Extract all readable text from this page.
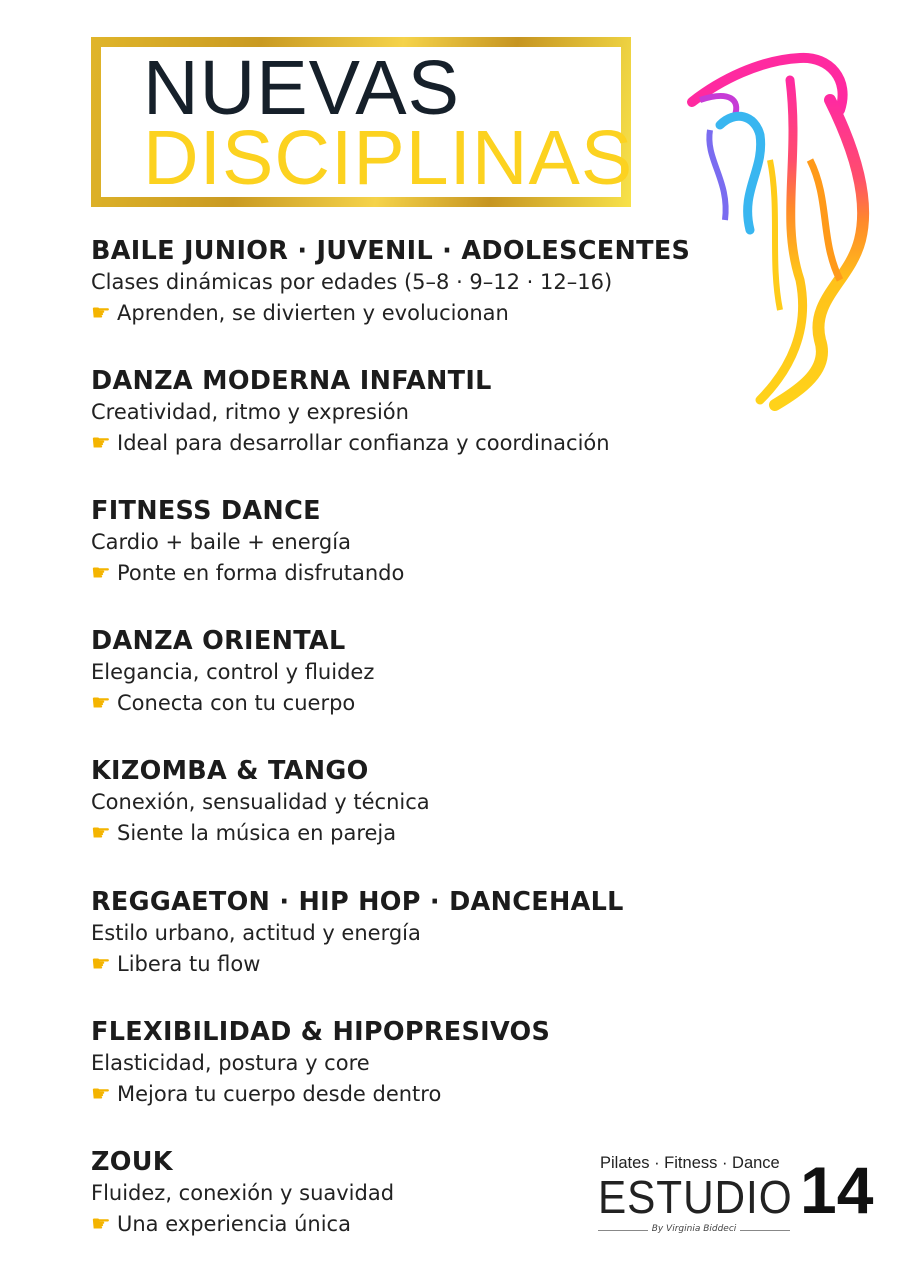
NUEVAS
DISCIPLINAS
BAILE JUNIOR · JUVENIL · ADOLESCENTES
Clases dinámicas por edades (5–8 · 9–12 · 12–16)
☛ Aprenden, se divierten y evolucionan
DANZA MODERNA INFANTIL
Creatividad, ritmo y expresión
☛ Ideal para desarrollar confianza y coordinación
FITNESS DANCE
Cardio + baile + energía
☛ Ponte en forma disfrutando
DANZA ORIENTAL
Elegancia, control y fluidez
☛ Conecta con tu cuerpo
KIZOMBA & TANGO
Conexión, sensualidad y técnica
☛ Siente la música en pareja
REGGAETON · HIP HOP · DANCEHALL
Estilo urbano, actitud y energía
☛ Libera tu flow
FLEXIBILIDAD & HIPOPRESIVOS
Elasticidad, postura y core
☛ Mejora tu cuerpo desde dentro
ZOUK
Fluidez, conexión y suavidad
☛ Una experiencia única
Pilates · Fitness · Dance
ESTUDIO 14
By Virginia Biddeci
